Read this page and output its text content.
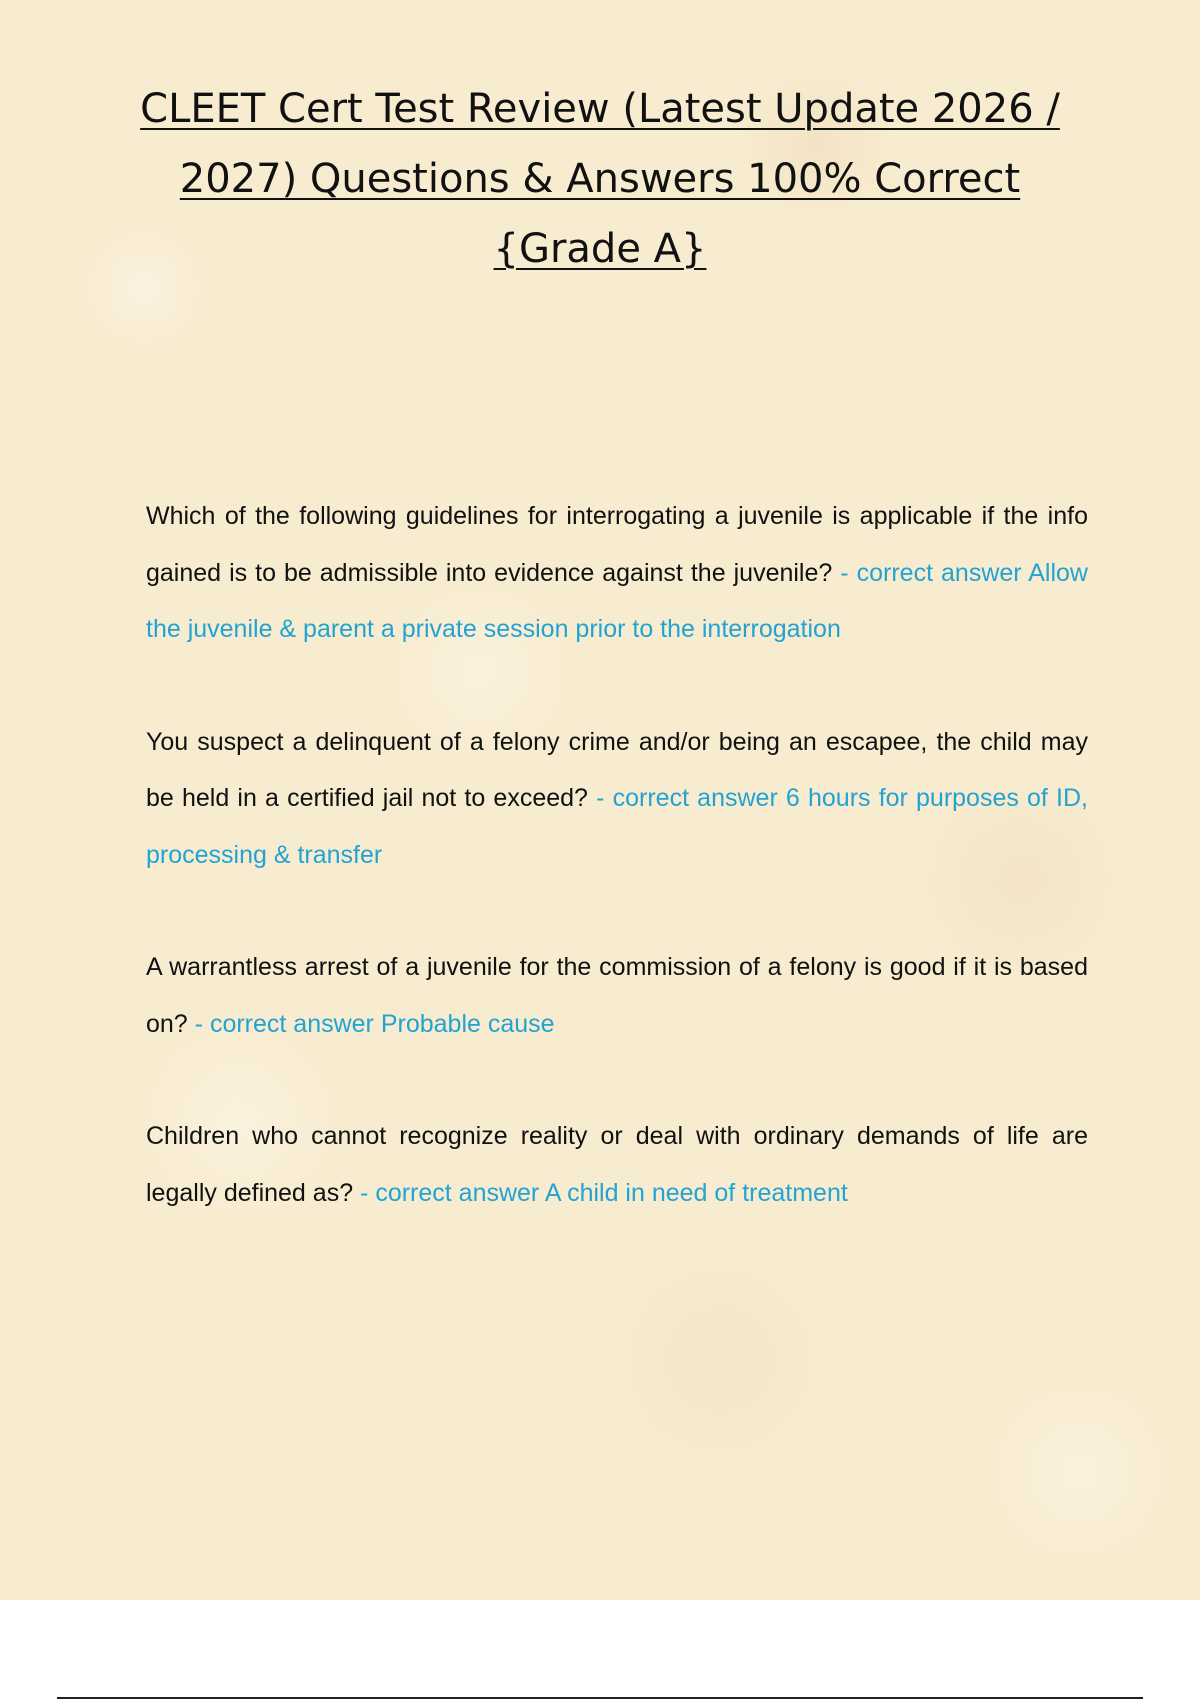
CLEET Cert Test Review (Latest Update 2026 / 2027) Questions & Answers 100% Correct {Grade A}

Which of the following guidelines for interrogating a juvenile is applicable if the info gained is to be admissible into evidence against the juvenile? - correct answer Allow the juvenile & parent a private session prior to the interrogation

You suspect a delinquent of a felony crime and/or being an escapee, the child may be held in a certified jail not to exceed? - correct answer 6 hours for purposes of ID, processing & transfer

A warrantless arrest of a juvenile for the commission of a felony is good if it is based on? - correct answer Probable cause

Children who cannot recognize reality or deal with ordinary demands of life are legally defined as? - correct answer A child in need of treatment
